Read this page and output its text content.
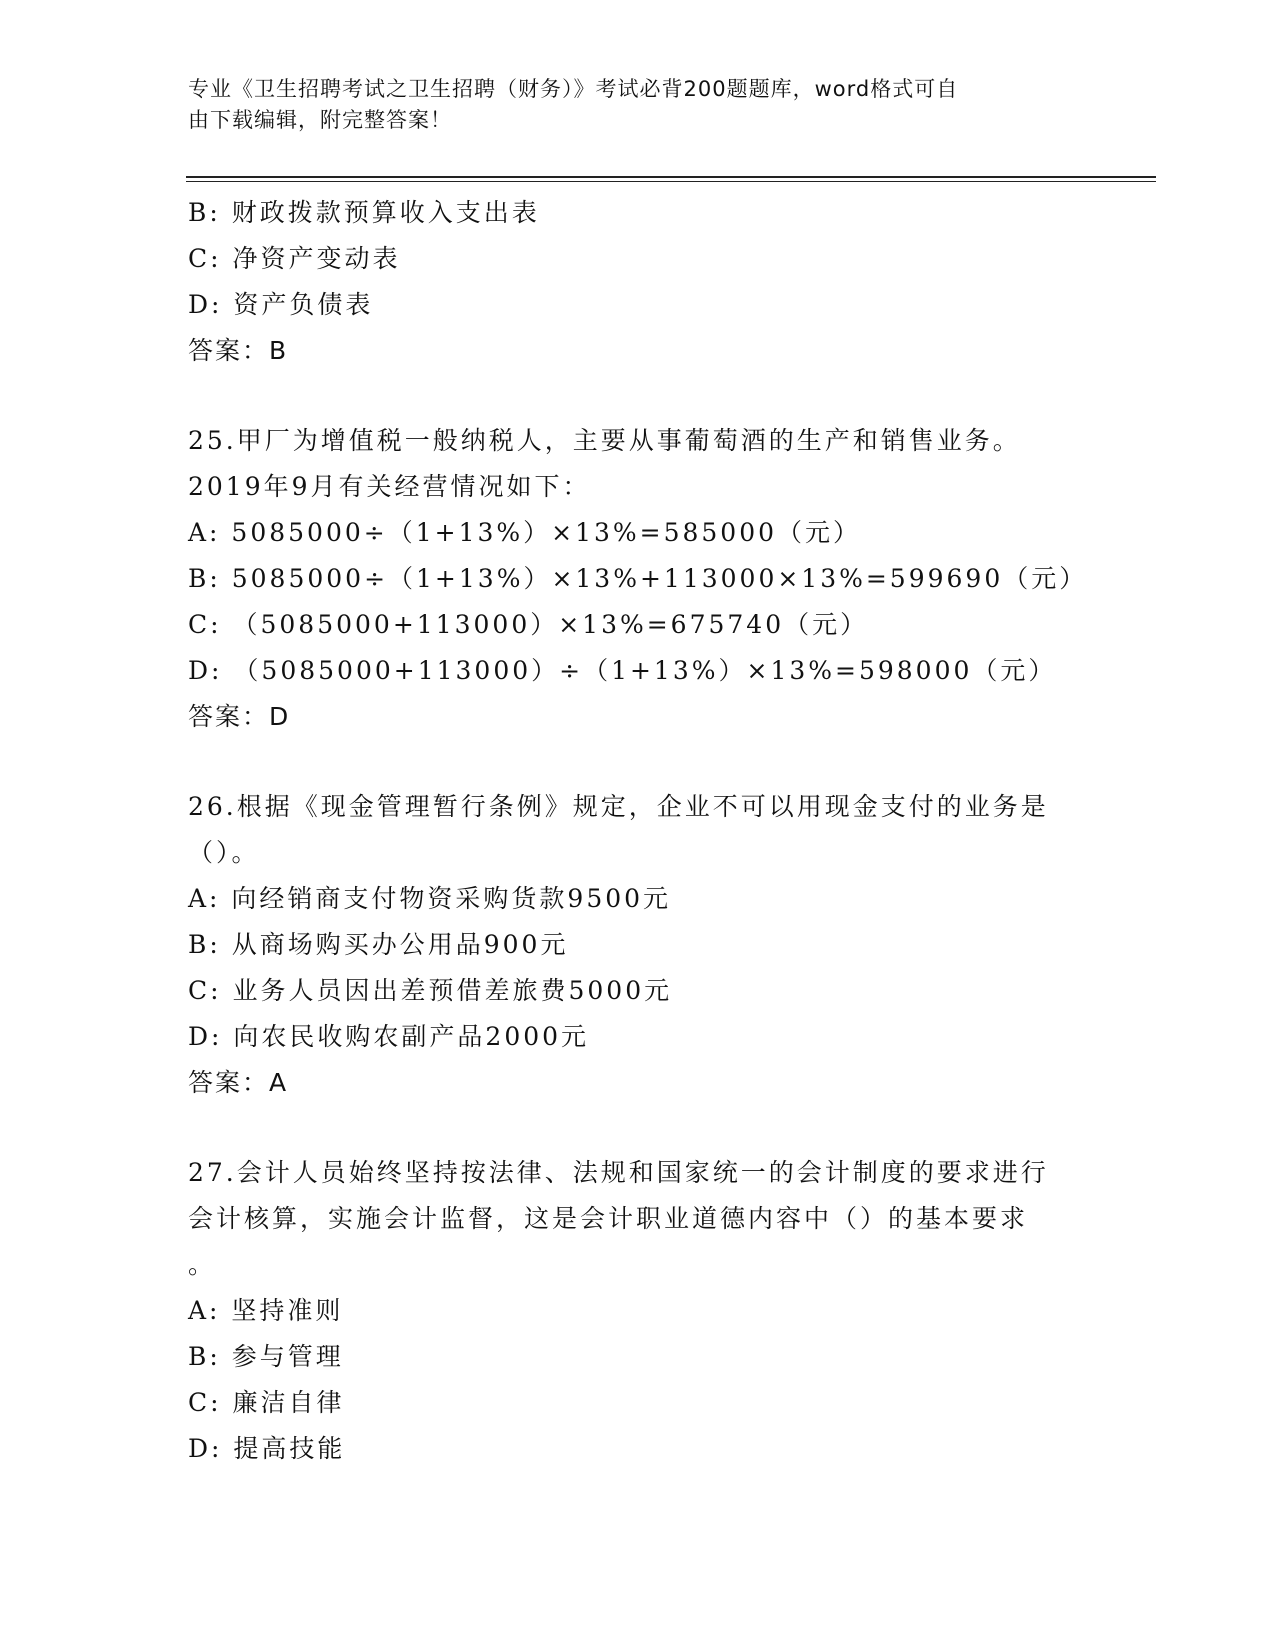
专业《卫生招聘考试之卫生招聘（财务）》考试必背200题题库，word格式可自
由下载编辑，附完整答案！
B: 财政拨款预算收入支出表
C: 净资产变动表
D: 资产负债表
答案：B
25.甲厂为增值税一般纳税人，主要从事葡萄酒的生产和销售业务。
2019年9月有关经营情况如下：
A: 5085000÷（1+13%）×13%=585000（元）
B: 5085000÷（1+13%）×13%+113000×13%=599690（元）
C: （5085000+113000）×13%=675740（元）
D: （5085000+113000）÷（1+13%）×13%=598000（元）
答案：D
26.根据《现金管理暂行条例》规定，企业不可以用现金支付的业务是
（）。
A: 向经销商支付物资采购货款9500元
B: 从商场购买办公用品900元
C: 业务人员因出差预借差旅费5000元
D: 向农民收购农副产品2000元
答案：A
27.会计人员始终坚持按法律、法规和国家统一的会计制度的要求进行
会计核算，实施会计监督，这是会计职业道德内容中（）的基本要求
。
A: 坚持准则
B: 参与管理
C: 廉洁自律
D: 提高技能
